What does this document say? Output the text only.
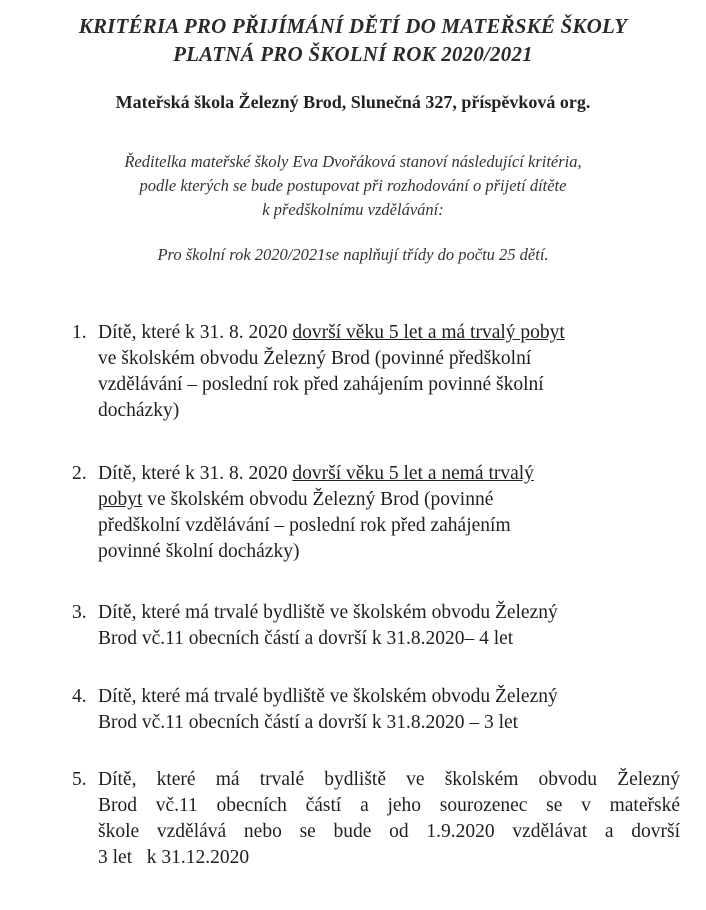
KRITÉRIA PRO PŘIJÍMÁNÍ DĚTÍ DO MATEŘSKÉ ŠKOLY
PLATNÁ PRO ŠKOLNÍ ROK 2020/2021
Mateřská škola Železný Brod, Slunečná 327, příspěvková org.
Ředitelka mateřské školy Eva Dvořáková stanoví následující kritéria,
podle kterých se bude postupovat při rozhodování o přijetí dítěte
k předškolnímu vzdělávání:
Pro školní rok 2020/2021se naplňují třídy do počtu 25 dětí.
1. Dítě, které k 31. 8. 2020 dovrší věku 5 let a má trvalý pobyt
ve školském obvodu Železný Brod (povinné předškolní
vzdělávání – poslední rok před zahájením povinné školní
docházky)
2. Dítě, které k 31. 8. 2020 dovrší věku 5 let a nemá trvalý
pobyt ve školském obvodu Železný Brod (povinné
předškolní vzdělávání – poslední rok před zahájením
povinné školní docházky)
3. Dítě, které má trvalé bydliště ve školském obvodu Železný
Brod vč.11 obecních částí a dovrší k 31.8.2020– 4 let
4. Dítě, které má trvalé bydliště ve školském obvodu Železný
Brod vč.11 obecních částí a dovrší k 31.8.2020 – 3 let
5. Dítě, které má trvalé bydliště ve školském obvodu Železný
Brod vč.11 obecních částí a jeho sourozenec se v mateřské
škole vzdělává nebo se bude od 1.9.2020 vzdělávat a dovrší
3 let   k 31.12.2020
